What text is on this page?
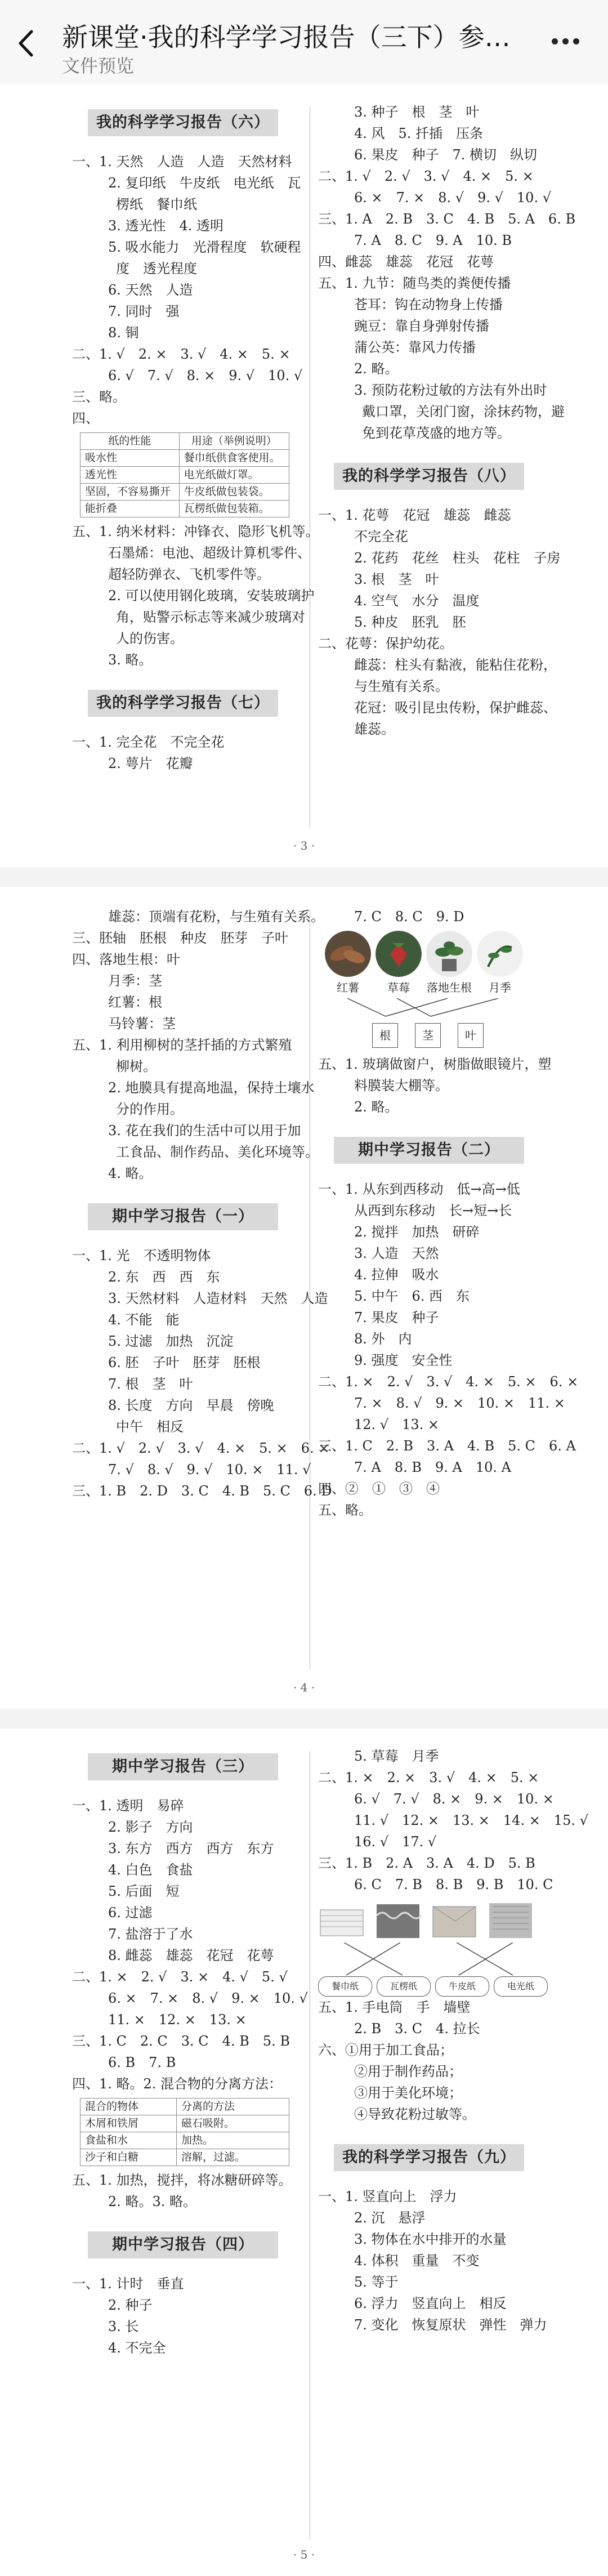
新课堂·我的科学学习报告（三下）参…
文件预览
我的科学学习报告（六）
一、1. 天然　人造　人造　天然材料
2. 复印纸　牛皮纸　电光纸　瓦
楞纸　餐巾纸
3. 透光性　4. 透明
5. 吸水能力　光滑程度　软硬程
度　透光程度
6. 天然　人造
7. 同时　强
8. 铜
二、1. √　2. ×　3. √　4. ×　5. ×
6. √　7. √　8. ×　9. √　10. √
三、略。
四、
纸的性能	用途（举例说明）
吸水性	餐巾纸供食客使用。
透光性	电光纸做灯罩。
坚固，不容易撕开	牛皮纸做包装袋。
能折叠	瓦楞纸做包装箱。
五、1. 纳米材料：冲锋衣、隐形飞机等。
石墨烯：电池、超级计算机零件、
超轻防弹衣、飞机零件等。
2. 可以使用钢化玻璃，安装玻璃护
角，贴警示标志等来减少玻璃对
人的伤害。
3. 略。
我的科学学习报告（七）
一、1. 完全花　不完全花
2. 萼片　花瓣
3. 种子　根　茎　叶
4. 风　5. 扦插　压条
6. 果皮　种子　7. 横切　纵切
二、1. √　2. √　3. √　4. ×　5. ×
6. ×　7. ×　8. √　9. √　10. √
三、1. A　2. B　3. C　4. B　5. A　6. B
7. A　8. C　9. A　10. B
四、雌蕊　雄蕊　花冠　花萼
五、1. 九节：随鸟类的粪便传播
苍耳：钩在动物身上传播
豌豆：靠自身弹射传播
蒲公英：靠风力传播
2. 略。
3. 预防花粉过敏的方法有外出时
戴口罩，关闭门窗，涂抹药物，避
免到花草茂盛的地方等。
我的科学学习报告（八）
一、1. 花萼　花冠　雄蕊　雌蕊
不完全花
2. 花药　花丝　柱头　花柱　子房
3. 根　茎　叶
4. 空气　水分　温度
5. 种皮　胚乳　胚
二、花萼：保护幼花。
雌蕊：柱头有黏液，能粘住花粉，
与生殖有关系。
花冠：吸引昆虫传粉，保护雌蕊、
雄蕊。
· 3 ·
雄蕊：顶端有花粉，与生殖有关系。
三、胚轴　胚根　种皮　胚芽　子叶
四、落地生根：叶
月季：茎
红薯：根
马铃薯：茎
五、1. 利用柳树的茎扦插的方式繁殖
柳树。
2. 地膜具有提高地温，保持土壤水
分的作用。
3. 花在我们的生活中可以用于加
工食品、制作药品、美化环境等。
4. 略。
期中学习报告（一）
一、1. 光　不透明物体
2. 东　西　西　东
3. 天然材料　人造材料　天然　人造
4. 不能　能
5. 过滤　加热　沉淀
6. 胚　子叶　胚芽　胚根
7. 根　茎　叶
8. 长度　方向　早晨　傍晚
中午　相反
二、1. √　2. √　3. √　4. ×　5. ×　6. ×
7. √　8. √　9. √　10. ×　11. √
三、1. B　2. D　3. C　4. B　5. C　6. D
7. C　8. C　9. D
红薯	草莓	落地生根	月季
根	茎	叶
五、1. 玻璃做窗户，树脂做眼镜片，塑
料膜装大棚等。
2. 略。
期中学习报告（二）
一、1. 从东到西移动　低→高→低
从西到东移动　长→短→长
2. 搅拌　加热　研碎
3. 人造　天然
4. 拉伸　吸水
5. 中午　6. 西　东
7. 果皮　种子
8. 外　内
9. 强度　安全性
二、1. ×　2. √　3. √　4. ×　5. ×　6. ×
7. ×　8. √　9. ×　10. ×　11. ×
12. √　13. ×
三、1. C　2. B　3. A　4. B　5. C　6. A
7. A　8. B　9. A　10. A
四、②　①　③　④
五、略。
· 4 ·
期中学习报告（三）
一、1. 透明　易碎
2. 影子　方向
3. 东方　西方　西方　东方
4. 白色　食盐
5. 后面　短
6. 过滤
7. 盐溶于了水
8. 雌蕊　雄蕊　花冠　花萼
二、1. ×　2. √　3. ×　4. √　5. √
6. ×　7. ×　8. √　9. ×　10. √
11. ×　12. ×　13. ×
三、1. C　2. C　3. C　4. B　5. B
6. B　7. B
四、1. 略。2. 混合物的分离方法：
混合的物体	分离的方法
木屑和铁屑	磁石吸附。
食盐和水	加热。
沙子和白糖	溶解，过滤。
五、1. 加热，搅拌，将冰糖研碎等。
2. 略。3. 略。
期中学习报告（四）
一、1. 计时　垂直
2. 种子
3. 长
4. 不完全
5. 草莓　月季
二、1. ×　2. ×　3. √　4. ×　5. ×
6. √　7. √　8. ×　9. ×　10. ×
11. √　12. ×　13. ×　14. ×　15. √
16. √　17. √
三、1. B　2. A　3. A　4. D　5. B
6. C　7. B　8. B　9. B　10. C
餐巾纸	瓦楞纸	牛皮纸	电光纸
五、1. 手电筒　手　墙壁
2. B　3. C　4. 拉长
六、①用于加工食品；
②用于制作药品；
③用于美化环境；
④导致花粉过敏等。
我的科学学习报告（九）
一、1. 竖直向上　浮力
2. 沉　悬浮
3. 物体在水中排开的水量
4. 体积　重量　不变
5. 等于
6. 浮力　竖直向上　相反
7. 变化　恢复原状　弹性　弹力
· 5 ·
